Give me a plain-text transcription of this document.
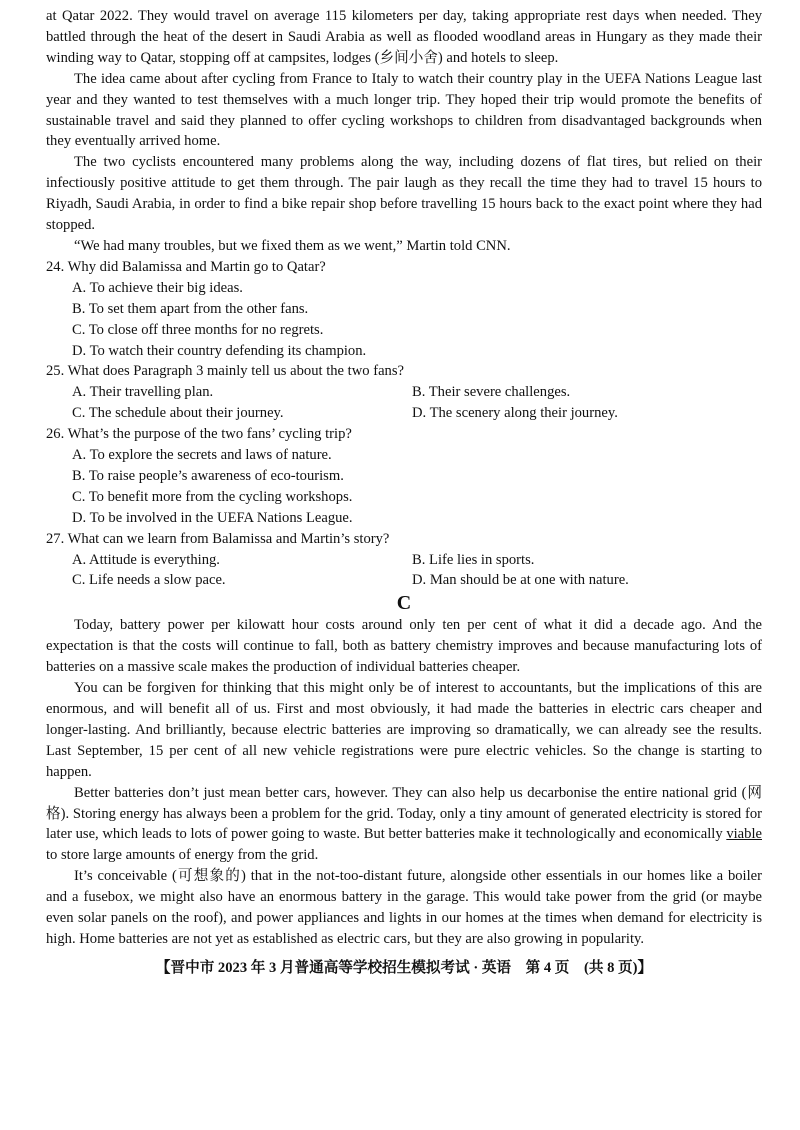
at Qatar 2022. They would travel on average 115 kilometers per day, taking appropriate rest days when needed. They battled through the heat of the desert in Saudi Arabia as well as flooded woodland areas in Hungary as they made their winding way to Qatar, stopping off at campsites, lodges (乡间小舍) and hotels to sleep.

The idea came about after cycling from France to Italy to watch their country play in the UEFA Nations League last year and they wanted to test themselves with a much longer trip. They hoped their trip would promote the benefits of sustainable travel and said they planned to offer cycling workshops to children from disadvantaged backgrounds when they eventually arrived home.

The two cyclists encountered many problems along the way, including dozens of flat tires, but relied on their infectiously positive attitude to get them through. The pair laugh as they recall the time they had to travel 15 hours to Riyadh, Saudi Arabia, in order to find a bike repair shop before travelling 15 hours back to the exact point where they had stopped.

“We had many troubles, but we fixed them as we went,” Martin told CNN.

24. Why did Balamissa and Martin go to Qatar?
A. To achieve their big ideas.
B. To set them apart from the other fans.
C. To close off three months for no regrets.
D. To watch their country defending its champion.
25. What does Paragraph 3 mainly tell us about the two fans?
A. Their travelling plan.	B. Their severe challenges.
C. The schedule about their journey.	D. The scenery along their journey.
26. What’s the purpose of the two fans’ cycling trip?
A. To explore the secrets and laws of nature.
B. To raise people’s awareness of eco-tourism.
C. To benefit more from the cycling workshops.
D. To be involved in the UEFA Nations League.
27. What can we learn from Balamissa and Martin’s story?
A. Attitude is everything.	B. Life lies in sports.
C. Life needs a slow pace.	D. Man should be at one with nature.
C

Today, battery power per kilowatt hour costs around only ten per cent of what it did a decade ago. And the expectation is that the costs will continue to fall, both as battery chemistry improves and because manufacturing lots of batteries on a massive scale makes the production of individual batteries cheaper.

You can be forgiven for thinking that this might only be of interest to accountants, but the implications of this are enormous, and will benefit all of us. First and most obviously, it had made the batteries in electric cars cheaper and longer-lasting. And brilliantly, because electric batteries are improving so dramatically, we can already see the results. Last September, 15 per cent of all new vehicle registrations were pure electric vehicles. So the change is starting to happen.

Better batteries don’t just mean better cars, however. They can also help us decarbonise the entire national grid (网格). Storing energy has always been a problem for the grid. Today, only a tiny amount of generated electricity is stored for later use, which leads to lots of power going to waste. But better batteries make it technologically and economically viable to store large amounts of energy from the grid.

It’s conceivable (可想象的) that in the not-too-distant future, alongside other essentials in our homes like a boiler and a fusebox, we might also have an enormous battery in the garage. This would take power from the grid (or maybe even solar panels on the roof), and power appliances and lights in our homes at the times when demand for electricity is high. Home batteries are not yet as established as electric cars, but they are also growing in popularity.

【晋中市 2023 年 3 月普通高等学校招生模拟考试 · 英语　第 4 页　(共 8 页)】
